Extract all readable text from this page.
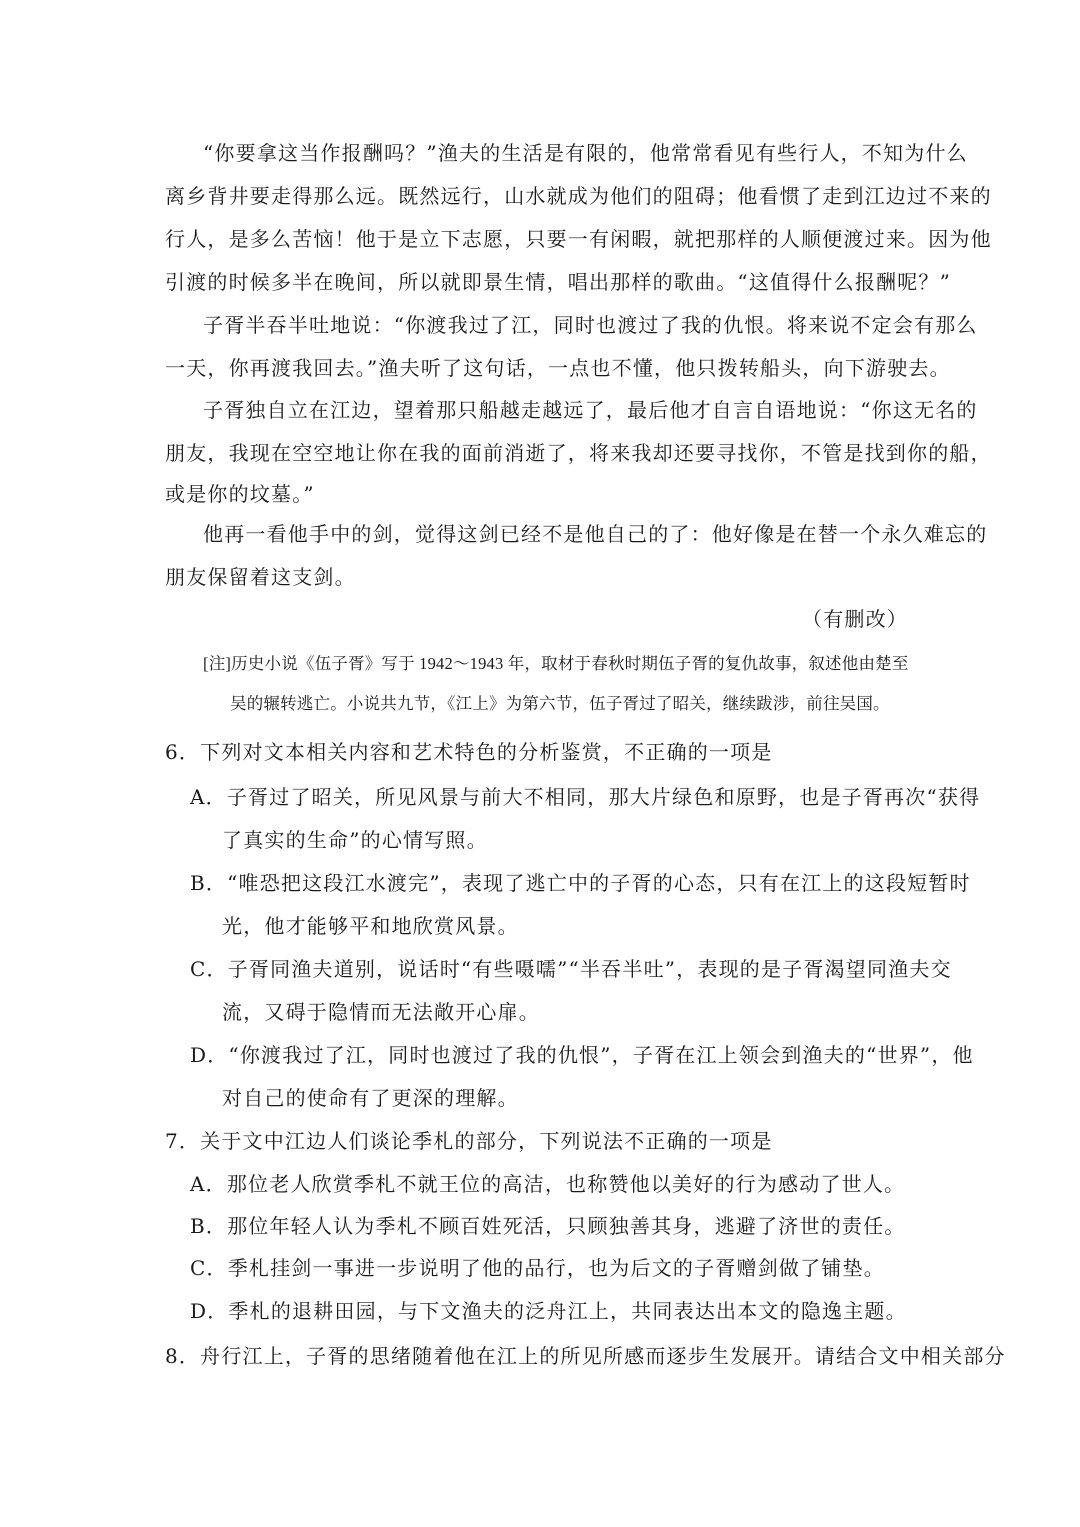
“你要拿这当作报酬吗？”渔夫的生活是有限的，他常常看见有些行人，不知为什么
离乡背井要走得那么远。既然远行，山水就成为他们的阻碍；他看惯了走到江边过不来的
行人，是多么苦恼！他于是立下志愿，只要一有闲暇，就把那样的人顺便渡过来。因为他
引渡的时候多半在晚间，所以就即景生情，唱出那样的歌曲。“这值得什么报酬呢？”
子胥半吞半吐地说：“你渡我过了江，同时也渡过了我的仇恨。将来说不定会有那么
一天，你再渡我回去。”渔夫听了这句话，一点也不懂，他只拨转船头，向下游驶去。
子胥独自立在江边，望着那只船越走越远了，最后他才自言自语地说：“你这无名的
朋友，我现在空空地让你在我的面前消逝了，将来我却还要寻找你，不管是找到你的船，
或是你的坟墓。”
他再一看他手中的剑，觉得这剑已经不是他自己的了：他好像是在替一个永久难忘的
朋友保留着这支剑。
（有删改）
[注]历史小说《伍子胥》写于 1942～1943 年，取材于春秋时期伍子胥的复仇故事，叙述他由楚至
吴的辗转逃亡。小说共九节，《江上》为第六节，伍子胥过了昭关，继续跋涉，前往吴国。
6．下列对文本相关内容和艺术特色的分析鉴赏，不正确的一项是
A．子胥过了昭关，所见风景与前大不相同，那大片绿色和原野，也是子胥再次“获得
了真实的生命”的心情写照。
B．“唯恐把这段江水渡完”，表现了逃亡中的子胥的心态，只有在江上的这段短暂时
光，他才能够平和地欣赏风景。
C．子胥同渔夫道别，说话时“有些嗫嚅”“半吞半吐”，表现的是子胥渴望同渔夫交
流，又碍于隐情而无法敞开心扉。
D．“你渡我过了江，同时也渡过了我的仇恨”，子胥在江上领会到渔夫的“世界”，他
对自己的使命有了更深的理解。
7．关于文中江边人们谈论季札的部分，下列说法不正确的一项是
A．那位老人欣赏季札不就王位的高洁，也称赞他以美好的行为感动了世人。
B．那位年轻人认为季札不顾百姓死活，只顾独善其身，逃避了济世的责任。
C．季札挂剑一事进一步说明了他的品行，也为后文的子胥赠剑做了铺垫。
D．季札的退耕田园，与下文渔夫的泛舟江上，共同表达出本文的隐逸主题。
8．舟行江上，子胥的思绪随着他在江上的所见所感而逐步生发展开。请结合文中相关部分
